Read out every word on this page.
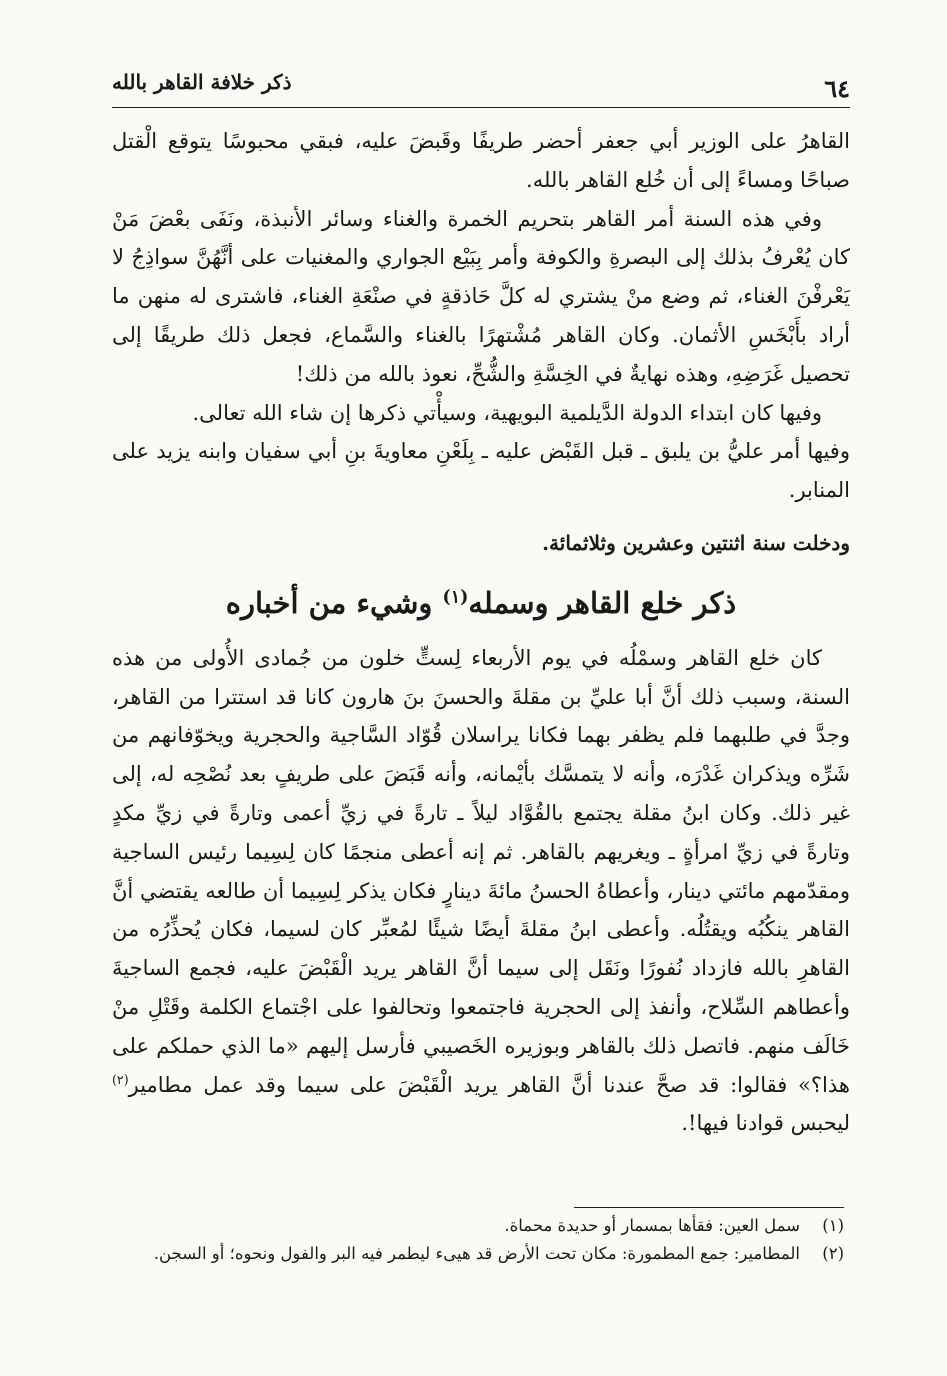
٦٤
ذكر خلافة القاهر بالله

القاهرُ على الوزير أبي جعفر أحضر طريفًا وقَبضَ عليه، فبقي محبوسًا يتوقع الْقتل صباحًا ومساءً إلى أن خُلع القاهر بالله.

وفي هذه السنة أمر القاهر بتحريم الخمرة والغناء وسائر الأنبذة، ونَفَى بعْضَ مَنْ كان يُعْرفُ بذلك إلى البصرةِ والكوفة وأمر بِبَيْع الجواري والمغنيات على أنَّهُنَّ سواذِجُ لا يَعْرفْنَ الغناء، ثم وضع منْ يشتري له كلَّ حَاذقةٍ في صنْعَةِ الغناء، فاشترى له منهن ما أراد بأَبْخَسِ الأثمان. وكان القاهر مُشْتهرًا بالغناء والسَّماع، فجعل ذلك طريقًا إلى تحصيل غَرَضِهِ، وهذه نهايةٌ في الخِسَّةِ والشُّحِّ، نعوذ بالله من ذلك!

وفيها كان ابتداء الدولة الدَّيلمية البويهية، وسيأْتي ذكرها إن شاء الله تعالى.

وفيها أمر عليُّ بن يلبق ـ قبل القَبْض عليه ـ بِلَعْنِ معاويةَ بنِ أبي سفيان وابنه يزيد على المنابر.

ودخلت سنة اثنتين وعشرين وثلاثمائة.

ذكر خلع القاهر وسمله$^{(١)}$ وشيء من أخباره

كان خلع القاهر وسمْلُه في يوم الأربعاء لِستٍّ خلون من جُمادى الأُولى من هذه السنة، وسبب ذلك أنَّ أبا عليِّ بن مقلةَ والحسنَ بنَ هارون كانا قد استترا من القاهر، وجدَّ في طلبهما فلم يظفر بهما فكانا يراسلان قُوّاد السَّاجية والحجرية ويخوّفانهم من شَرِّه ويذكران غَدْرَه، وأنه لا يتمسَّك بأيْمانه، وأنه قَبَضَ على طريفٍ بعد نُصْحِه له، إلى غير ذلك. وكان ابنُ مقلة يجتمع بالقُوَّاد ليلاً ـ تارةً في زيِّ أعمى وتارةً في زيِّ مكدٍ وتارةً في زيِّ امرأةٍ ـ ويغريهم بالقاهر. ثم إنه أعطى منجمًا كان لِسِيما رئيس الساجية ومقدّمهم مائتي دينار، وأعطاهُ الحسنُ مائةَ دينارٍ فكان يذكر لِسِيما أن طالعه يقتضي أنَّ القاهر ينكُبُه ويقتُلُه. وأعطى ابنُ مقلةَ أيضًا شيئًا لمُعبِّر كان لسيما، فكان يُحذِّرُه من القاهرِ بالله فازداد نُفورًا ونَقَل إلى سيما أنَّ القاهر يريد الْقَبْضَ عليه، فجمع الساجيةَ وأعطاهم السِّلاح، وأنفذ إلى الحجرية فاجتمعوا وتحالفوا على اجْتماع الكلمة وقَتْلِ منْ خَالَف منهم. فاتصل ذلك بالقاهر وبوزيره الخَصيبي فأرسل إليهم «ما الذي حملكم على هذا؟» فقالوا: قد صحَّ عندنا أنَّ القاهر يريد الْقَبْضَ على سيما وقد عمل مطامير$^{(٢)}$ ليحبس قوادنا فيها!.

(١)
سمل العين: فقأها بمسمار أو حديدة محماة.

(٢)
المطامير: جمع المطمورة: مكان تحت الأرض قد هيىء ليطمر فيه البر والفول ونحوه؛ أو السجن.
